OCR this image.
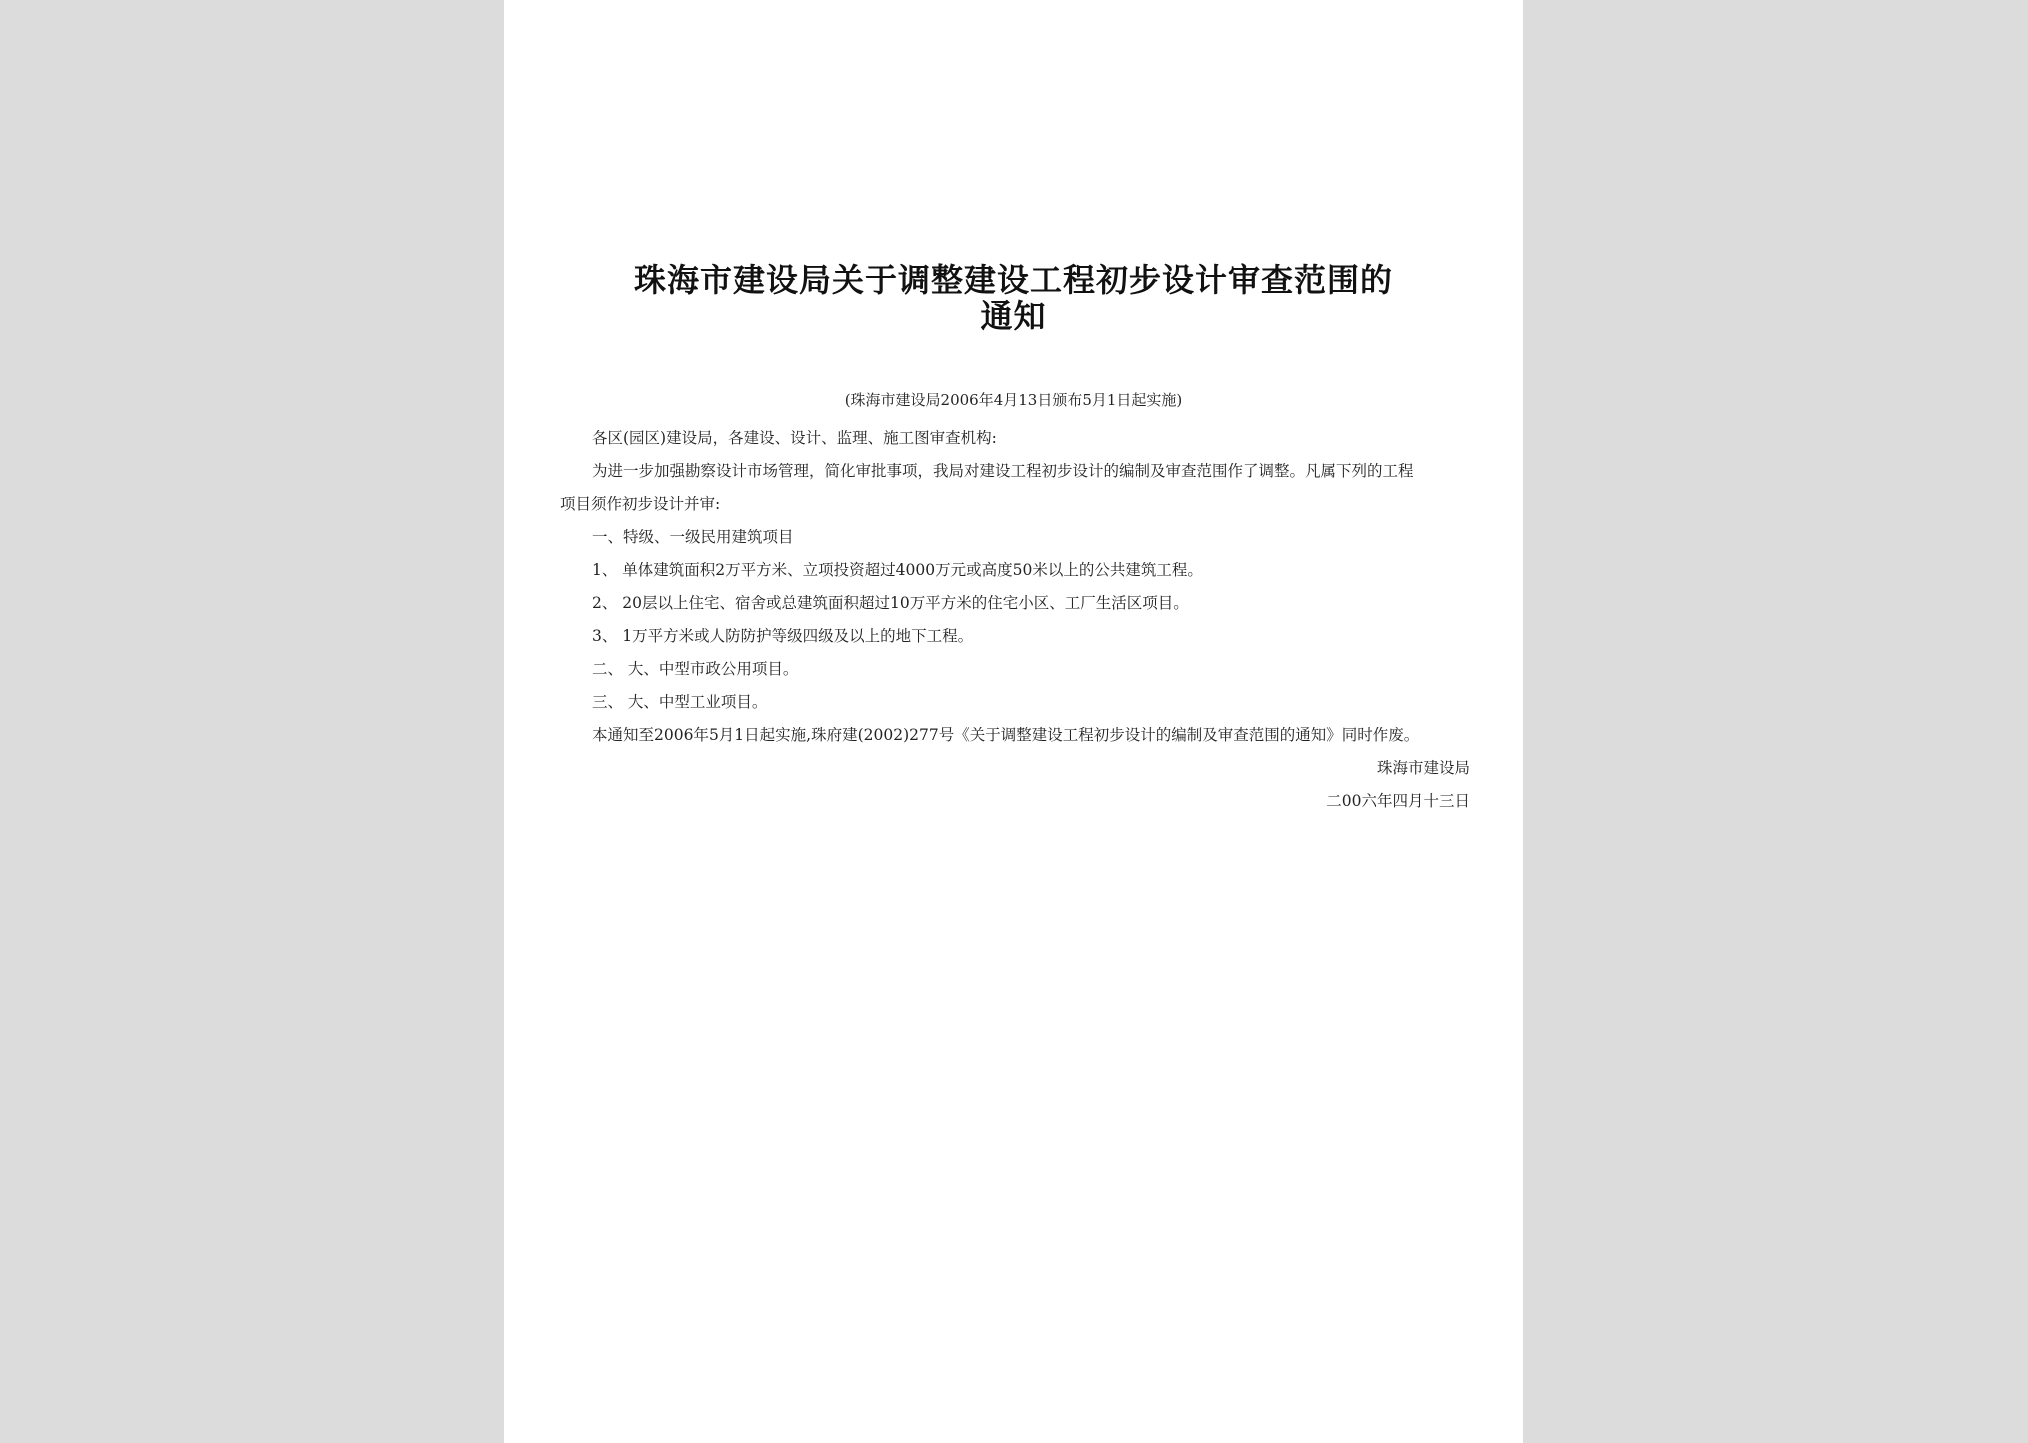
珠海市建设局关于调整建设工程初步设计审查范围的
通知
(珠海市建设局2006年4月13日颁布5月1日起实施)

各区(园区)建设局，各建设、设计、监理、施工图审查机构:

为进一步加强勘察设计市场管理，简化审批事项，我局对建设工程初步设计的编制及审查范围作了调整。凡属下列的工程

项目须作初步设计并审:

一、特级、一级民用建筑项目

1、 单体建筑面积2万平方米、立项投资超过4000万元或高度50米以上的公共建筑工程。

2、 20层以上住宅、宿舍或总建筑面积超过10万平方米的住宅小区、工厂生活区项目。

3、 1万平方米或人防防护等级四级及以上的地下工程。

二、 大、中型市政公用项目。

三、 大、中型工业项目。

本通知至2006年5月1日起实施,珠府建(2002)277号《关于调整建设工程初步设计的编制及审查范围的通知》同时作废。

珠海市建设局

二00六年四月十三日
